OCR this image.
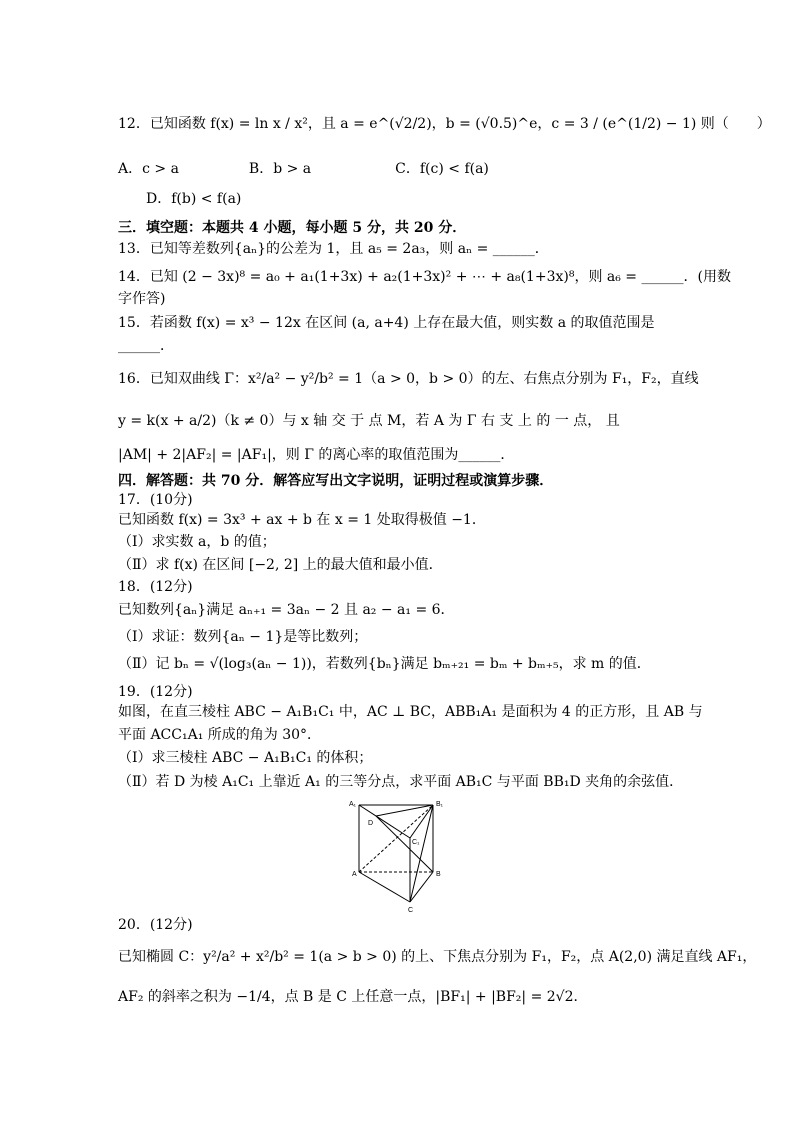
12．已知函数 f(x) = ln x / x²，且 a = e^(√2/2)，b = (√0.5)^e，c = 3 / (e^(1/2) − 1) 则（　　）
A．c > a　　　　　B．b > a　　　　　　C．f(c) < f(a)
D．f(b) < f(a)
三．填空题：本题共 4 小题，每小题 5 分，共 20 分．
13．已知等差数列{aₙ}的公差为 1，且 a₅ = 2a₃，则 aₙ = ______．
14．已知 (2 − 3x)⁸ = a₀ + a₁(1+3x) + a₂(1+3x)² + ⋯ + a₈(1+3x)⁸，则 a₆ = ______．(用数
字作答)
15．若函数 f(x) = x³ − 12x 在区间 (a, a+4) 上存在最大值，则实数 a 的取值范围是
______．
16．已知双曲线 Γ：x²/a² − y²/b² = 1（a > 0，b > 0）的左、右焦点分别为 F₁，F₂，直线
y = k(x + a/2)（k ≠ 0）与 x 轴 交 于 点 M，若 A 为 Γ 右 支 上 的 一 点， 且
|AM| + 2|AF₂| = |AF₁|，则 Γ 的离心率的取值范围为______．
四．解答题：共 70 分．解答应写出文字说明，证明过程或演算步骤．
17．(10分)
已知函数 f(x) = 3x³ + ax + b 在 x = 1 处取得极值 −1．
（Ⅰ）求实数 a，b 的值；
（Ⅱ）求 f(x) 在区间 [−2, 2] 上的最大值和最小值．
18．(12分)
已知数列{aₙ}满足 aₙ₊₁ = 3aₙ − 2 且 a₂ − a₁ = 6．
（Ⅰ）求证：数列{aₙ − 1}是等比数列；
（Ⅱ）记 bₙ = √(log₃(aₙ − 1))，若数列{bₙ}满足 bₘ₊₂₁ = bₘ + bₘ₊₅，求 m 的值．
19．(12分)
如图，在直三棱柱 ABC − A₁B₁C₁ 中，AC ⊥ BC，ABB₁A₁ 是面积为 4 的正方形，且 AB 与
平面 ACC₁A₁ 所成的角为 30°．
（Ⅰ）求三棱柱 ABC − A₁B₁C₁ 的体积；
（Ⅱ）若 D 为棱 A₁C₁ 上靠近 A₁ 的三等分点，求平面 AB₁C 与平面 BB₁D 夹角的余弦值．
20．(12分)
已知椭圆 C：y²/a² + x²/b² = 1(a > b > 0) 的上、下焦点分别为 F₁，F₂，点 A(2,0) 满足直线 AF₁，
AF₂ 的斜率之积为 −1/4，点 B 是 C 上任意一点，|BF₁| + |BF₂| = 2√2．
A₁	B₁
D
C₁
A	B
C
